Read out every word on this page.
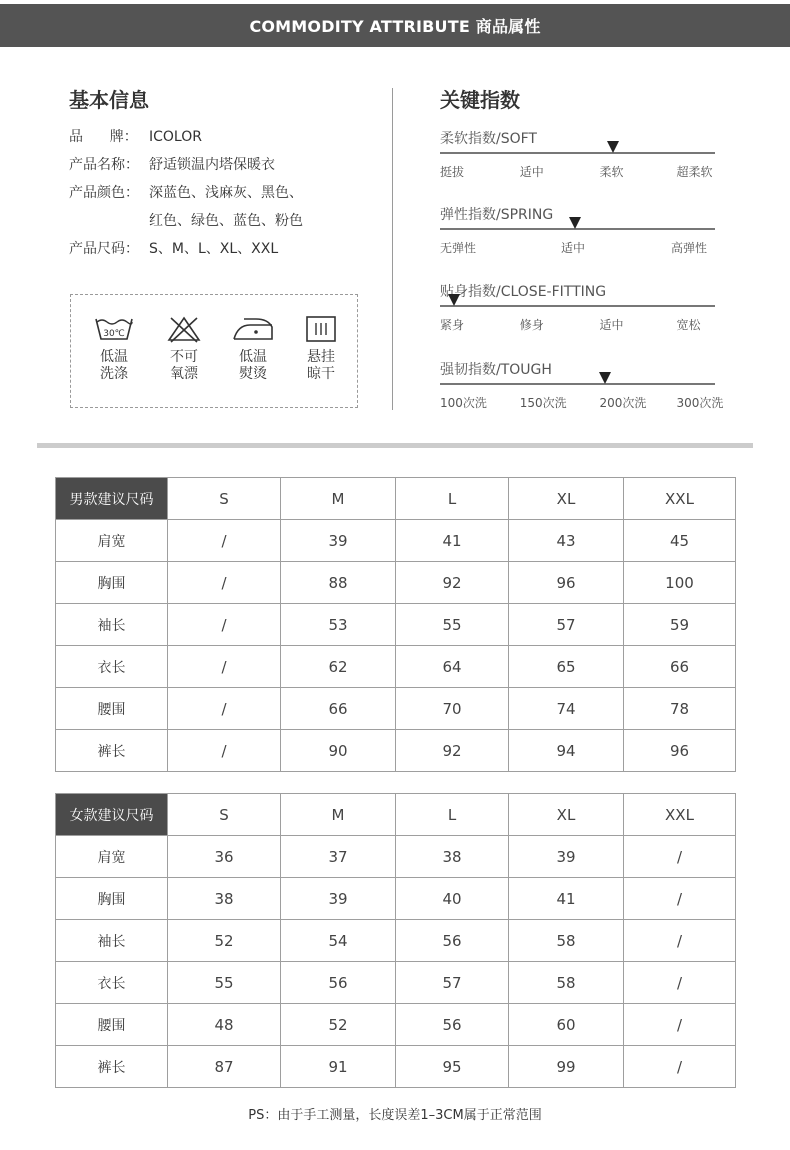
COMMODITY ATTRIBUTE 商品属性
基本信息
品      牌： ICOLOR
产品名称： 舒适锁温内塔保暖衣
产品颜色： 深蓝色、浅麻灰、黑色、
红色、绿色、蓝色、粉色
产品尺码： S、M、L、XL、XXL
30℃
低温
洗涤
不可
氧漂
低温
熨烫
悬挂
晾干
关键指数
柔软指数/SOFT
挺拔	适中	柔软	超柔软
弹性指数/SPRING
无弹性	适中	高弹性
贴身指数/CLOSE-FITTING
紧身	修身	适中	宽松
强韧指数/TOUGH
100次洗	150次洗	200次洗	300次洗
男款建议尺码	S	M	L	XL	XXL
肩宽	/	39	41	43	45
胸围	/	88	92	96	100
袖长	/	53	55	57	59
衣长	/	62	64	65	66
腰围	/	66	70	74	78
裤长	/	90	92	94	96
女款建议尺码	S	M	L	XL	XXL
肩宽	36	37	38	39	/
胸围	38	39	40	41	/
袖长	52	54	56	58	/
衣长	55	56	57	58	/
腰围	48	52	56	60	/
裤长	87	91	95	99	/
PS：由于手工测量，长度误差1–3CM属于正常范围
